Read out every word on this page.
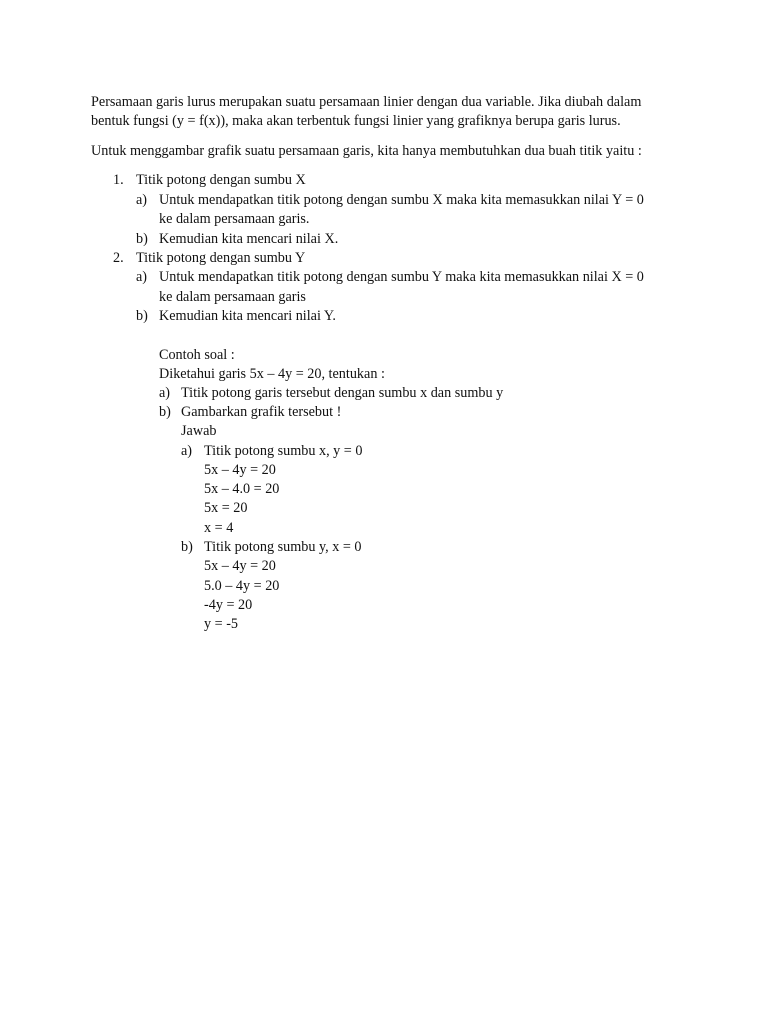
Persamaan garis lurus merupakan suatu persamaan linier dengan dua variable. Jika diubah dalam

bentuk fungsi (y = f(x)), maka akan terbentuk fungsi linier yang grafiknya berupa garis lurus.

Untuk menggambar grafik suatu persamaan garis, kita hanya membutuhkan dua buah titik yaitu :

1. Titik potong dengan sumbu X
a) Untuk mendapatkan titik potong dengan sumbu X maka kita memasukkan nilai Y = 0
ke dalam persamaan garis.
b) Kemudian kita mencari nilai X.
2. Titik potong dengan sumbu Y
a) Untuk mendapatkan titik potong dengan sumbu Y maka kita memasukkan nilai X = 0
ke dalam persamaan garis
b) Kemudian kita mencari nilai Y.
Contoh soal :
Diketahui garis 5x – 4y = 20, tentukan :
a) Titik potong garis tersebut dengan sumbu x dan sumbu y
b) Gambarkan grafik tersebut !
Jawab
a) Titik potong sumbu x, y = 0
5x – 4y = 20
5x – 4.0 = 20
5x = 20
x = 4
b) Titik potong sumbu y, x = 0
5x – 4y = 20
5.0 – 4y = 20
-4y = 20
y = -5
